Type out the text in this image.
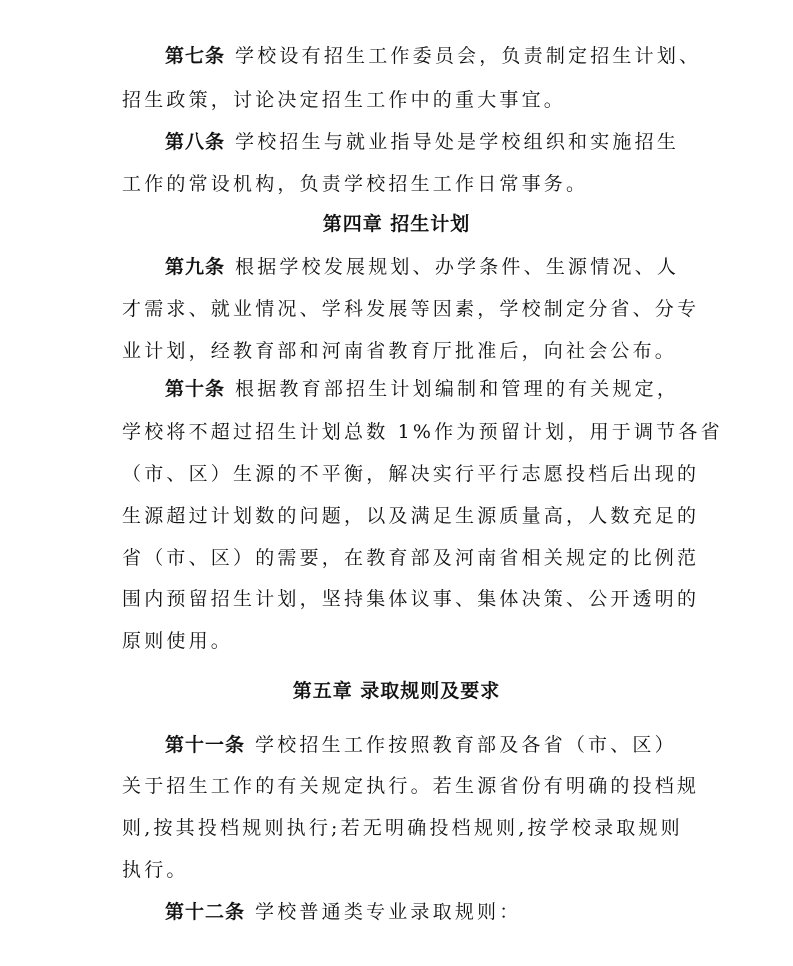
第七条 学校设有招生工作委员会，负责制定招生计划、
招生政策，讨论决定招生工作中的重大事宜。
第八条 学校招生与就业指导处是学校组织和实施招生
工作的常设机构，负责学校招生工作日常事务。
第四章 招生计划
第九条 根据学校发展规划、办学条件、生源情况、人
才需求、就业情况、学科发展等因素，学校制定分省、分专
业计划，经教育部和河南省教育厅批准后，向社会公布。
第十条 根据教育部招生计划编制和管理的有关规定，
学校将不超过招生计划总数 1%作为预留计划，用于调节各省
（市、区）生源的不平衡，解决实行平行志愿投档后出现的
生源超过计划数的问题，以及满足生源质量高，人数充足的
省（市、区）的需要，在教育部及河南省相关规定的比例范
围内预留招生计划，坚持集体议事、集体决策、公开透明的
原则使用。
第五章 录取规则及要求
第十一条 学校招生工作按照教育部及各省（市、区）
关于招生工作的有关规定执行。若生源省份有明确的投档规
则,按其投档规则执行;若无明确投档规则,按学校录取规则
执行。
第十二条 学校普通类专业录取规则：
